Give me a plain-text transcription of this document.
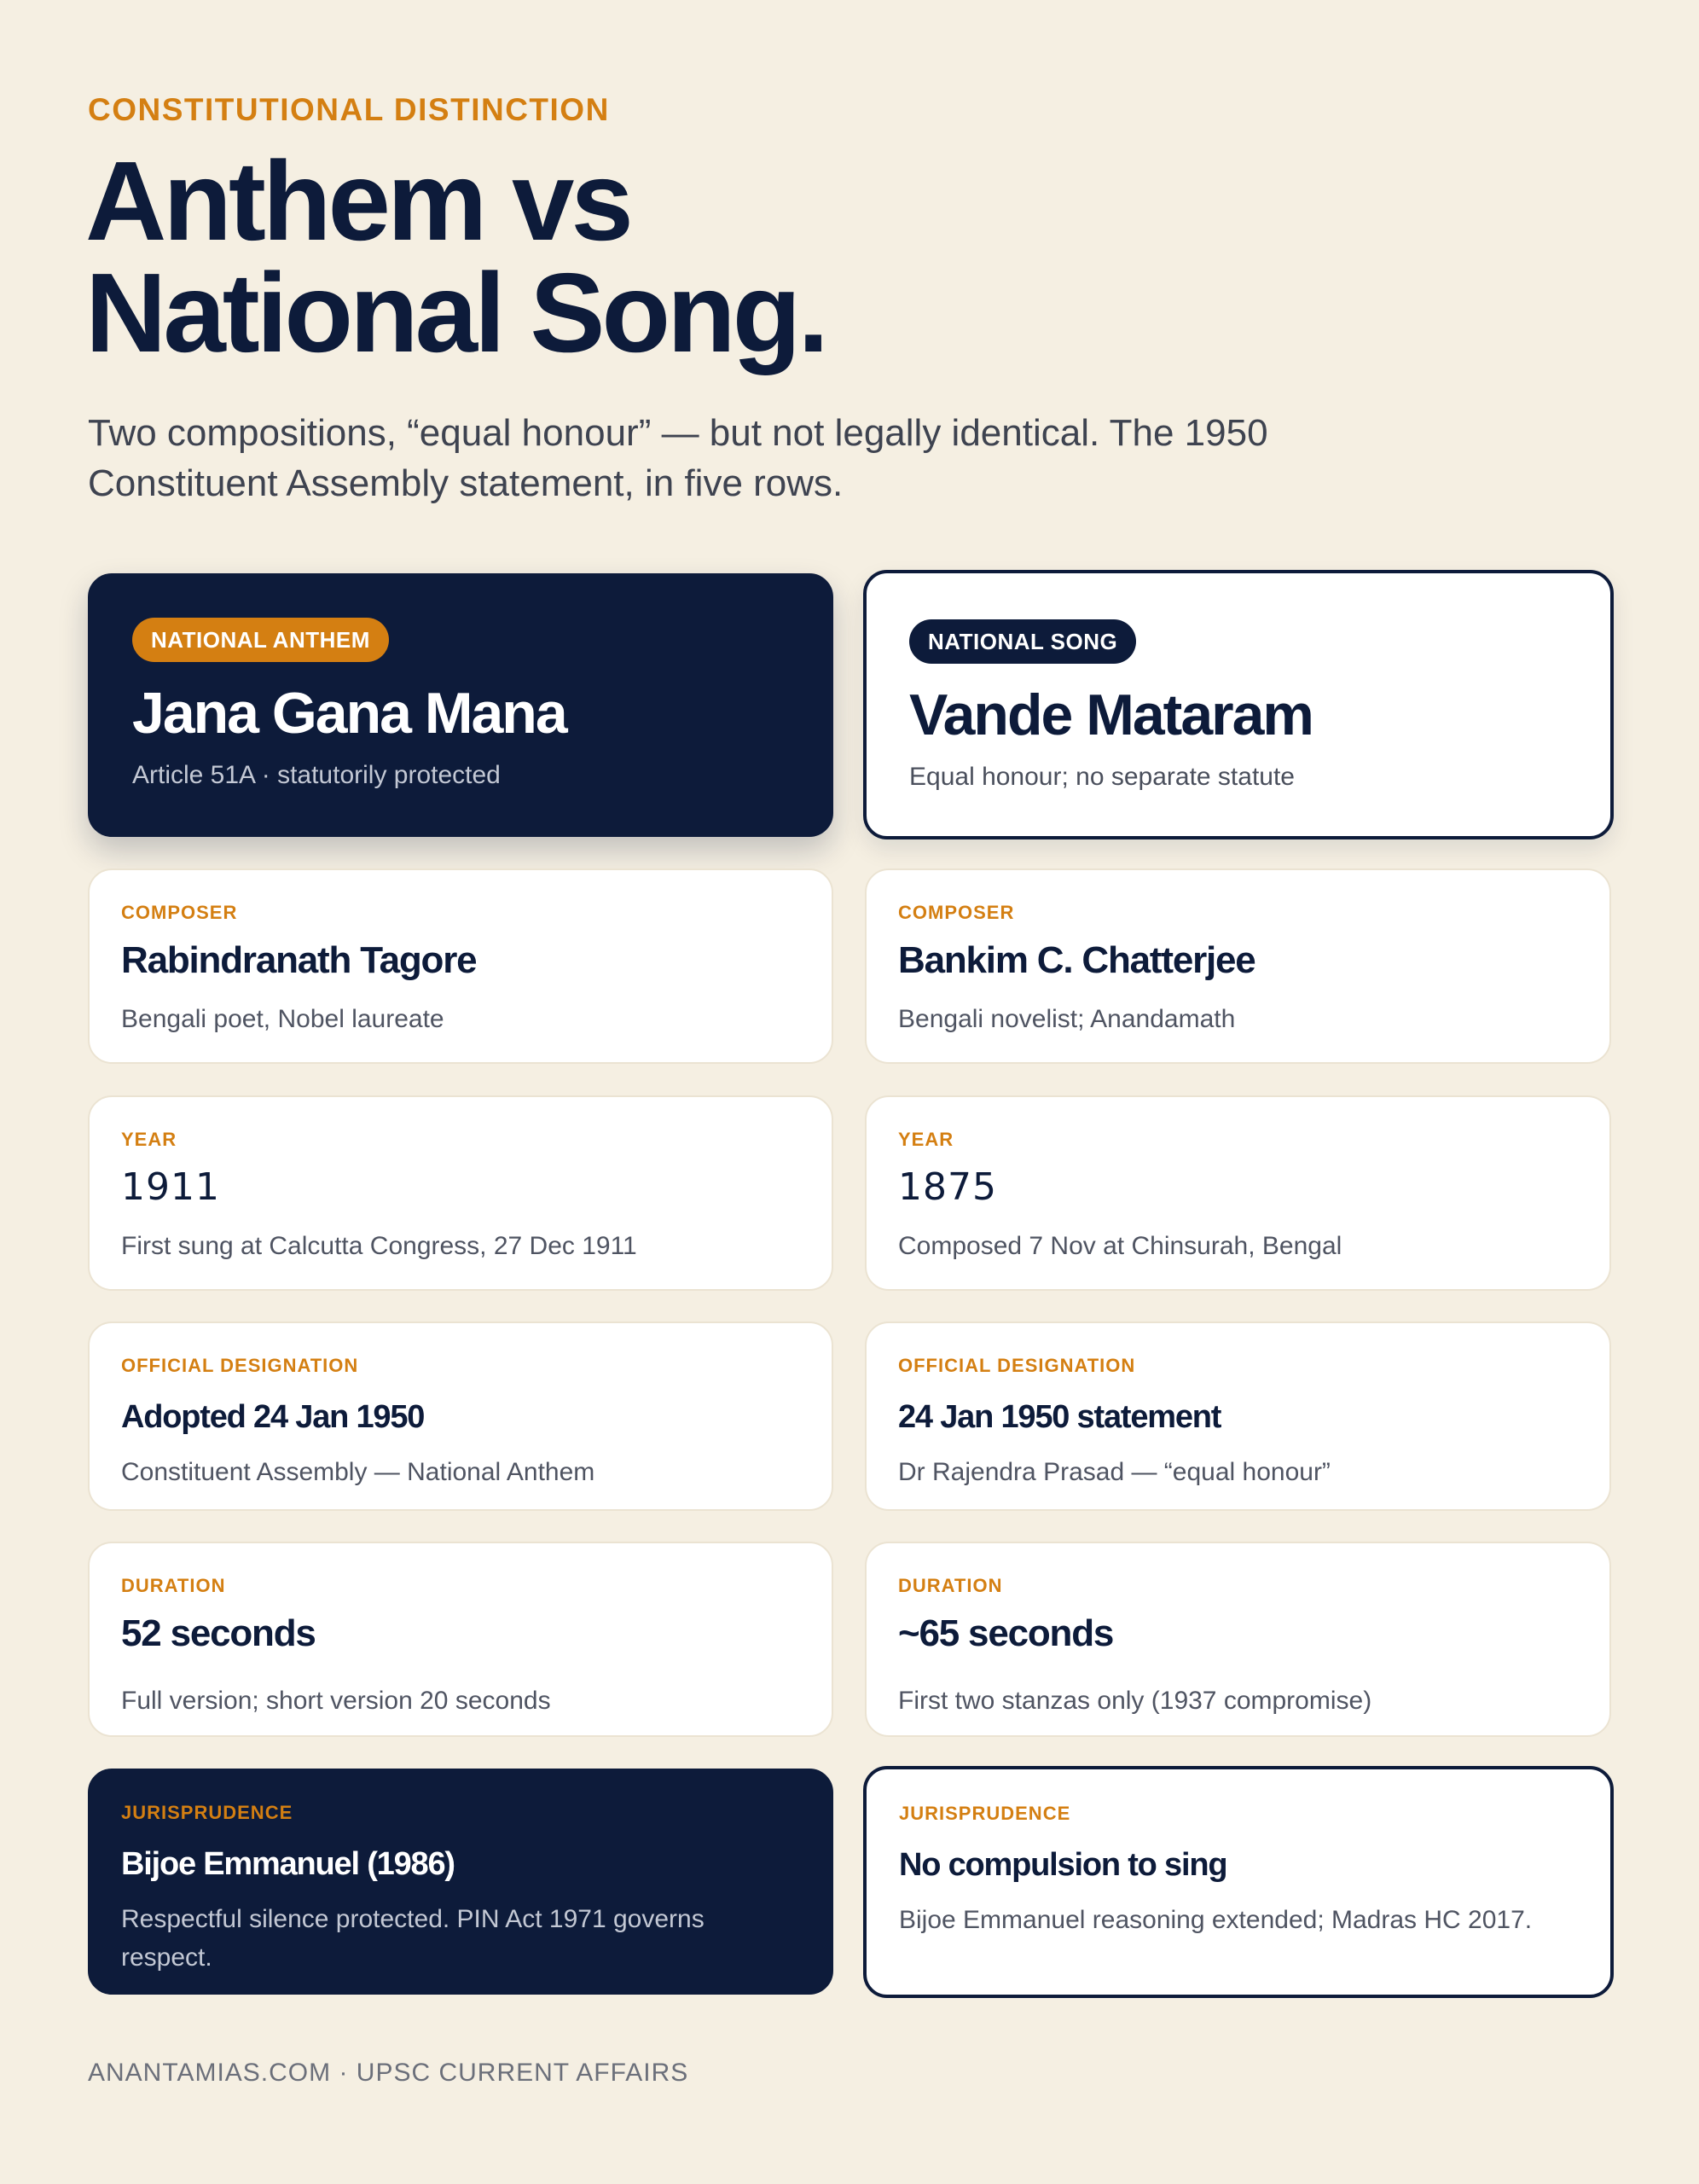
CONSTITUTIONAL DISTINCTION
Anthem vs
National Song.
Two compositions, “equal honour” — but not legally identical. The 1950 Constituent Assembly statement, in five rows.
NATIONAL ANTHEM
Jana Gana Mana
Article 51A · statutorily protected
NATIONAL SONG
Vande Mataram
Equal honour; no separate statute
COMPOSER
Rabindranath Tagore
Bengali poet, Nobel laureate
COMPOSER
Bankim C. Chatterjee
Bengali novelist; Anandamath
YEAR
1911
First sung at Calcutta Congress, 27 Dec 1911
YEAR
1875
Composed 7 Nov at Chinsurah, Bengal
OFFICIAL DESIGNATION
Adopted 24 Jan 1950
Constituent Assembly — National Anthem
OFFICIAL DESIGNATION
24 Jan 1950 statement
Dr Rajendra Prasad — “equal honour”
DURATION
52 seconds
Full version; short version 20 seconds
DURATION
~65 seconds
First two stanzas only (1937 compromise)
JURISPRUDENCE
Bijoe Emmanuel (1986)
Respectful silence protected. PIN Act 1971 governs respect.
JURISPRUDENCE
No compulsion to sing
Bijoe Emmanuel reasoning extended; Madras HC 2017.
ANANTAMIAS.COM · UPSC CURRENT AFFAIRS
